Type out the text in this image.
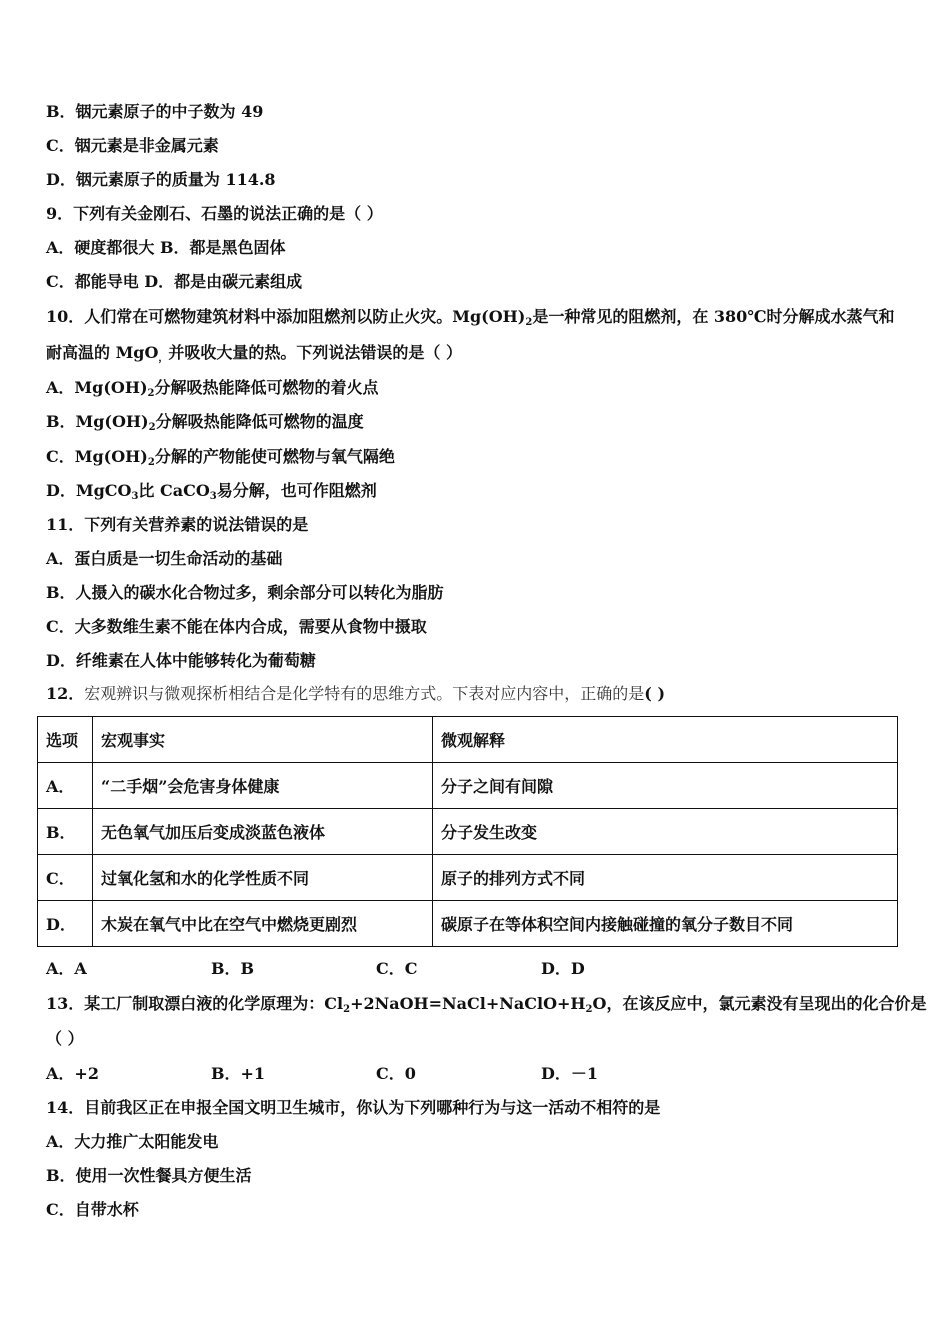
B．铟元素原子的中子数为 49
C．铟元素是非金属元素
D．铟元素原子的质量为 114.8
9．下列有关金刚石、石墨的说法正确的是（ ）
A．硬度都很大 B．都是黑色固体
C．都能导电 D．都是由碳元素组成
10．人们常在可燃物建筑材料中添加阻燃剂以防止火灾。$Mg(OH)_2$是一种常见的阻燃剂，在 380℃时分解成水蒸气和
耐高温的 MgO$_,$并吸收大量的热。下列说法错误的是（ ）
A．$Mg(OH)_2$分解吸热能降低可燃物的着火点
B．$Mg(OH)_2$分解吸热能降低可燃物的温度
C．$Mg(OH)_2$分解的产物能使可燃物与氧气隔绝
D．MgCO$_3$比 CaCO$_3$易分解，也可作阻燃剂
11．下列有关营养素的说法错误的是
A．蛋白质是一切生命活动的基础
B．人摄入的碳水化合物过多，剩余部分可以转化为脂肪
C．大多数维生素不能在体内合成，需要从食物中摄取
D．纤维素在人体中能够转化为葡萄糖
12．宏观辨识与微观探析相结合是化学特有的思维方式。下表对应内容中，正确的是( )
选项	宏观事实	微观解释
A．	“二手烟”会危害身体健康	分子之间有间隙
B．	无色氧气加压后变成淡蓝色液体	分子发生改变
C．	过氧化氢和水的化学性质不同	原子的排列方式不同
D．	木炭在氧气中比在空气中燃烧更剧烈	碳原子在等体积空间内接触碰撞的氧分子数目不同
A．A	B．B	C．C	D．D
13．某工厂制取漂白液的化学原理为：$Cl_2+2NaOH=NaCl+NaClO+H_2O$，在该反应中，氯元素没有呈现出的化合价是
（ ）
A．+2	B．+1	C．0	D．－1
14．目前我区正在申报全国文明卫生城市，你认为下列哪种行为与这一活动不相符的是
A．大力推广太阳能发电
B．使用一次性餐具方便生活
C．自带水杯
